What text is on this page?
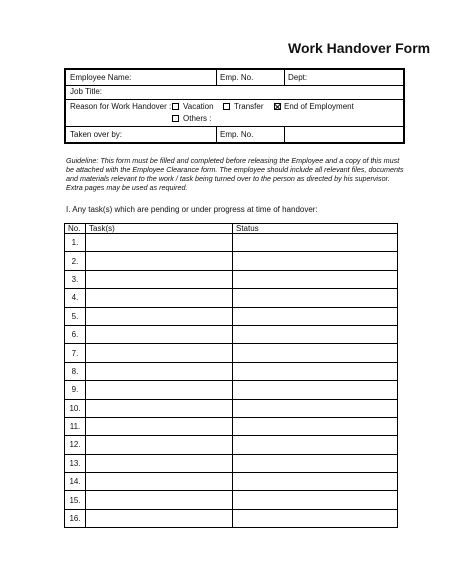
Work Handover Form
Employee Name:	Emp. No.	Dept:
Job Title:
Reason for Work Handover : Vacation	Transfer	End of Employment
Others :
Taken over by:	Emp. No.
Guideline: This form must be filled and completed before releasing the Employee and a copy of this must be attached with the Employee Clearance form. The employee should include all relevant files, documents and materials relevant to the work / task being turned over to the person as directed by his supervisor. Extra pages may be used as required.
I. Any task(s) which are pending or under progress at time of handover:
No.	Task(s)	Status
1.		
2.		
3.		
4.		
5.		
6.		
7.		
8.		
9.		
10.		
11.		
12.		
13.		
14.		
15.		
16.		
